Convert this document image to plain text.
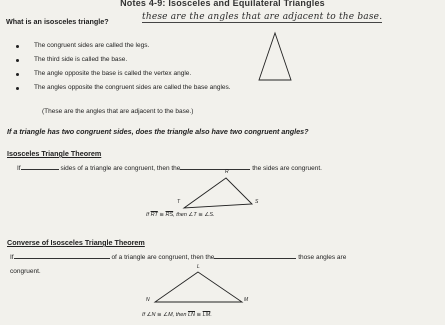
Notes 4-9: Isosceles and Equilateral Triangles
What is an isosceles triangle?	these are the angles that are adjacent to the base.
The congruent sides are called the legs.
The third side is called the base.
The angle opposite the base is called the vertex angle.
The angles opposite the congruent sides are called the base angles.
(These are the angles that are adjacent to the base.)
If a triangle has two congruent sides, does the triangle also have two congruent angles?
Isosceles Triangle Theorem
If	sides of a triangle are congruent, then the	the sides are congruent.
R
T	S
If $\overline{RT}$ ≅ $\overline{RS}$, then ∠T ≅ ∠S.
Converse of Isosceles Triangle Theorem
If	of a triangle are congruent, then the	those angles are
congruent.
L
N	M
If ∠N ≅ ∠M, then $\overline{LN}$ ≅ $\overline{LM}$.
